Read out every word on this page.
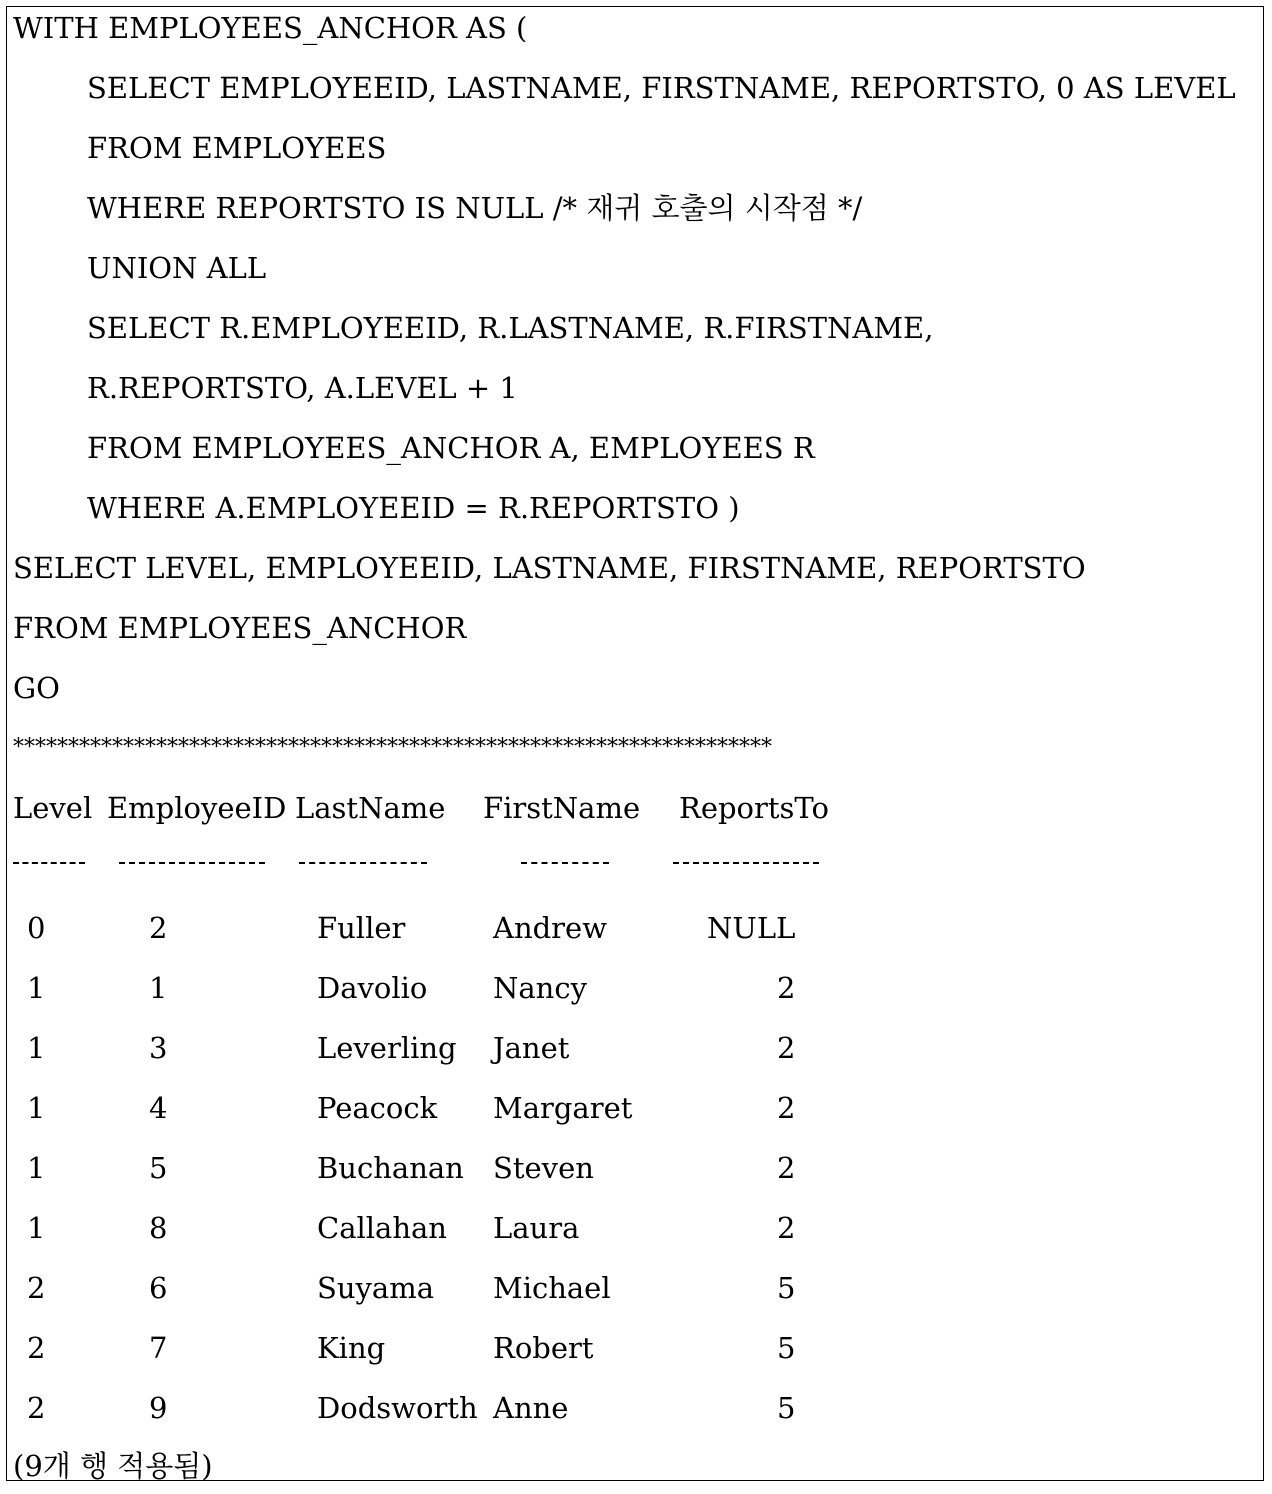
WITH EMPLOYEES_ANCHOR AS (
SELECT EMPLOYEEID, LASTNAME, FIRSTNAME, REPORTSTO, 0 AS LEVEL
FROM EMPLOYEES
WHERE REPORTSTO IS NULL /* 재귀 호출의 시작점 */
UNION ALL
SELECT R.EMPLOYEEID, R.LASTNAME, R.FIRSTNAME,
R.REPORTSTO, A.LEVEL + 1
FROM EMPLOYEES_ANCHOR A, EMPLOYEES R
WHERE A.EMPLOYEEID = R.REPORTSTO )
SELECT LEVEL, EMPLOYEEID, LASTNAME, FIRSTNAME, REPORTSTO
FROM EMPLOYEES_ANCHOR
GO
*********************************************************************
Level EmployeeID LastName FirstName ReportsTo
0	2	Fuller	Andrew	NULL
1	1	Davolio Nancy	2
1	3	Leverling Janet	2
1	4	Peacock Margaret	2
1	5	Buchanan Steven	2
1	8	Callahan Laura	2
2	6	Suyama Michael	5
2	7	King	Robert	5
2	9	Dodsworth Anne	5
(9개 행 적용됨)
